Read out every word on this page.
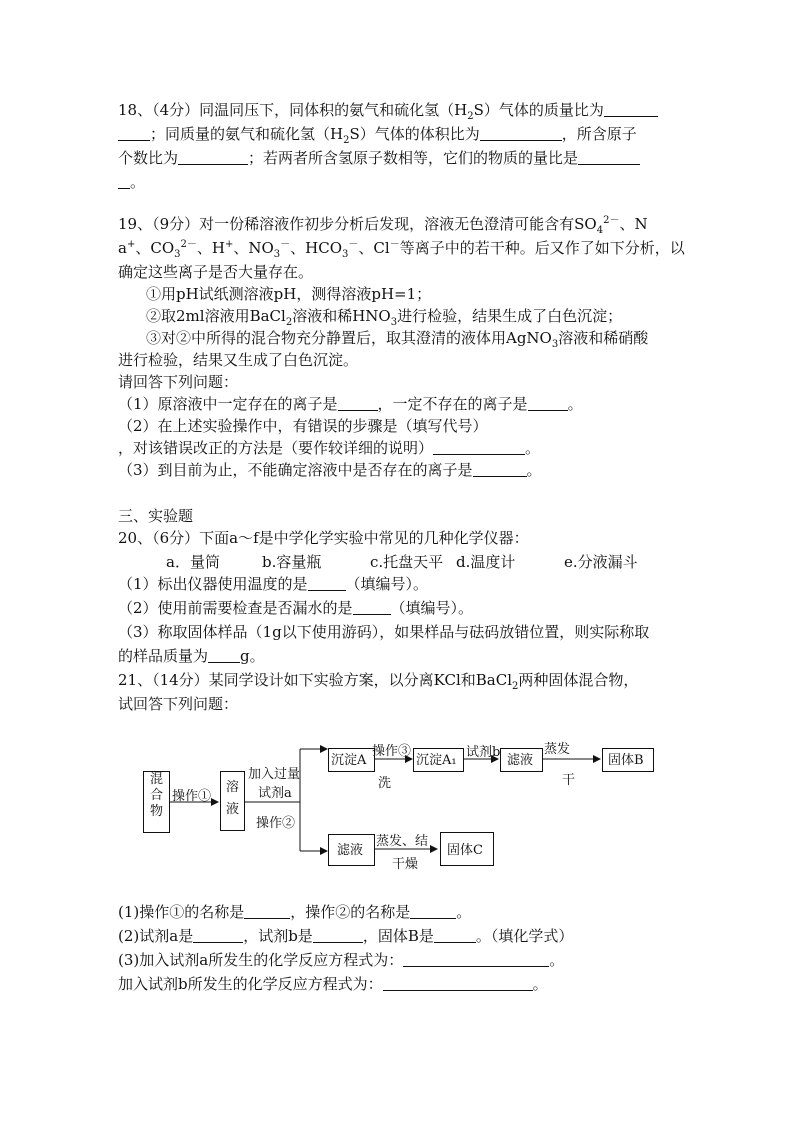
18、（4分）同温同压下，同体积的氨气和硫化氢$(H_2S)$气体的质量比为
；同质量的氨气和硫化氢$(H_2S)$气体的体积比为	，所含原子
个数比为	；若两者所含氢原子数相等，它们的物质的量比是
。
19、（9分）对一份稀溶液作初步分析后发现，溶液无色澄清可能含有$SO_4^{2-}$、N
a+、$CO_3^{2-}$、H+、$NO_3^-$、$HCO_3^-$、Cl－等离子中的若干种。后又作了如下分析，以
确定这些离子是否大量存在。
①用pH试纸测溶液pH，测得溶液pH=1；
②取2ml溶液用BaCl$_2$溶液和稀$HNO_3$进行检验，结果生成了白色沉淀；
③对②中所得的混合物充分静置后，取其澄清的液体用AgNO$_3$溶液和稀硝酸
进行检验，结果又生成了白色沉淀。
请回答下列问题：
（1）原溶液中一定存在的离子是	，一定不存在的离子是	。
（2）在上述实验操作中，有错误的步骤是（填写代号）
，对该错误改正的方法是（要作较详细的说明）	。
（3）到目前为止，不能确定溶液中是否存在的离子是	。
三、实验题
20、（6分）下面a～f是中学化学实验中常见的几种化学仪器：
a．量筒	b.容量瓶	c.托盘天平 d.温度计	e.分液漏斗
（1）标出仪器使用温度的是	（填编号）。
（2）使用前需要检查是否漏水的是	（填编号）。
（3）称取固体样品（1g以下使用游码），如果样品与砝码放错位置，则实际称取
的样品质量为 g。
21、（14分）某同学设计如下实验方案，以分离KCl和BaCl$_2$两种固体混合物，
试回答下列问题：
混
合
物
溶
液
沉淀A	沉淀A₁	滤液	固体B
滤液	固体C
操作①
加入过量
试剂a
操作②
操作③
洗
试剂b	蒸发
干
蒸发、结
干燥
(1)操作①的名称是	，操作②的名称是	。
(2)试剂a是	，试剂b是	，固体B是	。（填化学式）
(3)加入试剂a所发生的化学反应方程式为：	。
加入试剂b所发生的化学反应方程式为：	。
